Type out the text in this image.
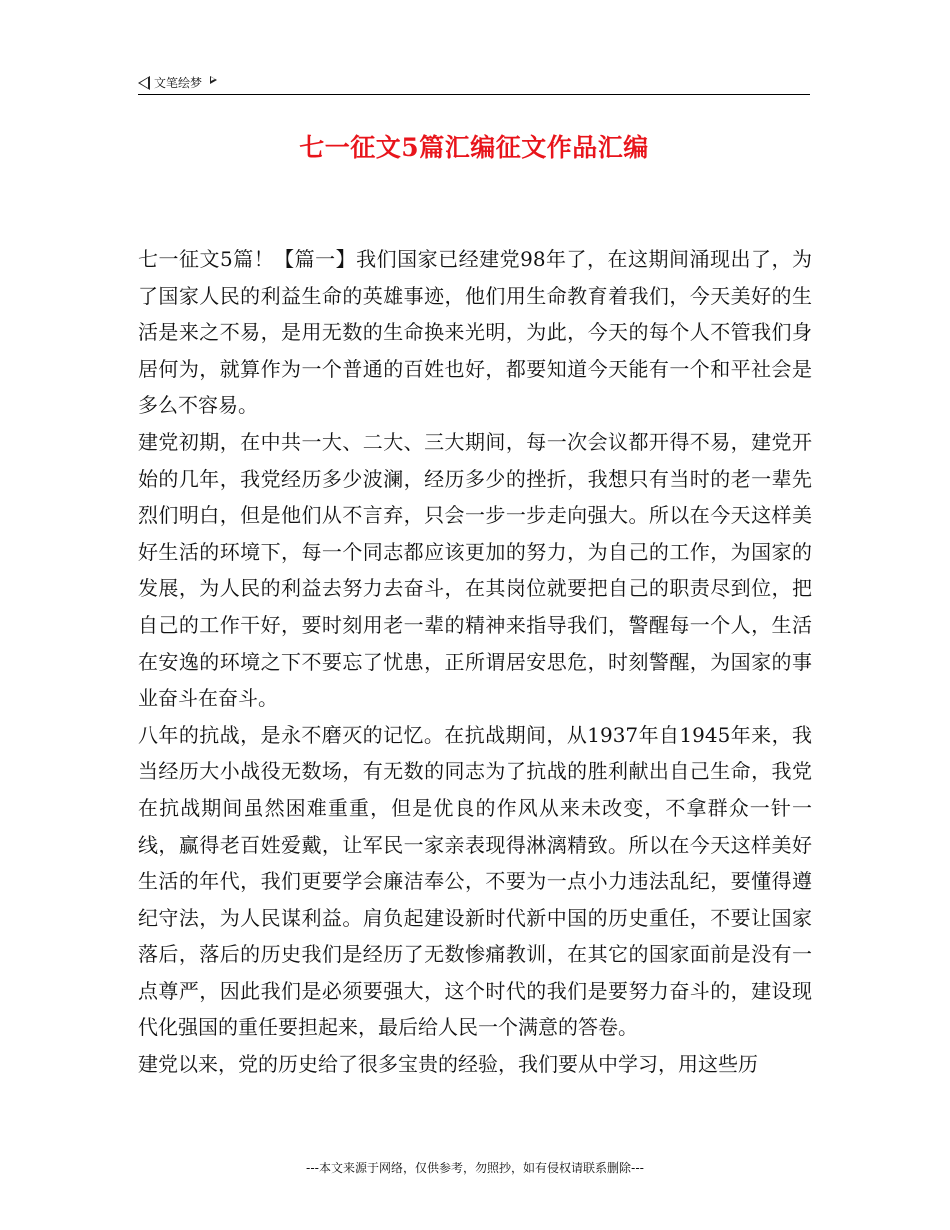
文笔绘梦
七一征文5篇汇编征文作品汇编

七一征文5篇！【篇一】我们国家已经建党98年了，在这期间涌现出了，为了国家人民的利益生命的英雄事迹，他们用生命教育着我们，今天美好的生活是来之不易，是用无数的生命换来光明，为此，今天的每个人不管我们身居何为，就算作为一个普通的百姓也好，都要知道今天能有一个和平社会是多么不容易。

建党初期，在中共一大、二大、三大期间，每一次会议都开得不易，建党开始的几年，我党经历多少波澜，经历多少的挫折，我想只有当时的老一辈先烈们明白，但是他们从不言弃，只会一步一步走向强大。所以在今天这样美好生活的环境下，每一个同志都应该更加的努力，为自己的工作，为国家的发展，为人民的利益去努力去奋斗，在其岗位就要把自己的职责尽到位，把自己的工作干好，要时刻用老一辈的精神来指导我们，警醒每一个人，生活在安逸的环境之下不要忘了忧患，正所谓居安思危，时刻警醒，为国家的事业奋斗在奋斗。

八年的抗战，是永不磨灭的记忆。在抗战期间，从1937年自1945年来，我当经历大小战役无数场，有无数的同志为了抗战的胜利献出自己生命，我党在抗战期间虽然困难重重，但是优良的作风从来未改变，不拿群众一针一线，赢得老百姓爱戴，让军民一家亲表现得淋漓精致。所以在今天这样美好生活的年代，我们更要学会廉洁奉公，不要为一点小力违法乱纪，要懂得遵纪守法，为人民谋利益。肩负起建设新时代新中国的历史重任，不要让国家落后，落后的历史我们是经历了无数惨痛教训，在其它的国家面前是没有一点尊严，因此我们是必须要强大，这个时代的我们是要努力奋斗的，建设现代化强国的重任要担起来，最后给人民一个满意的答卷。

建党以来，党的历史给了很多宝贵的经验，我们要从中学习，用这些历

---本文来源于网络，仅供参考，勿照抄，如有侵权请联系删除---
